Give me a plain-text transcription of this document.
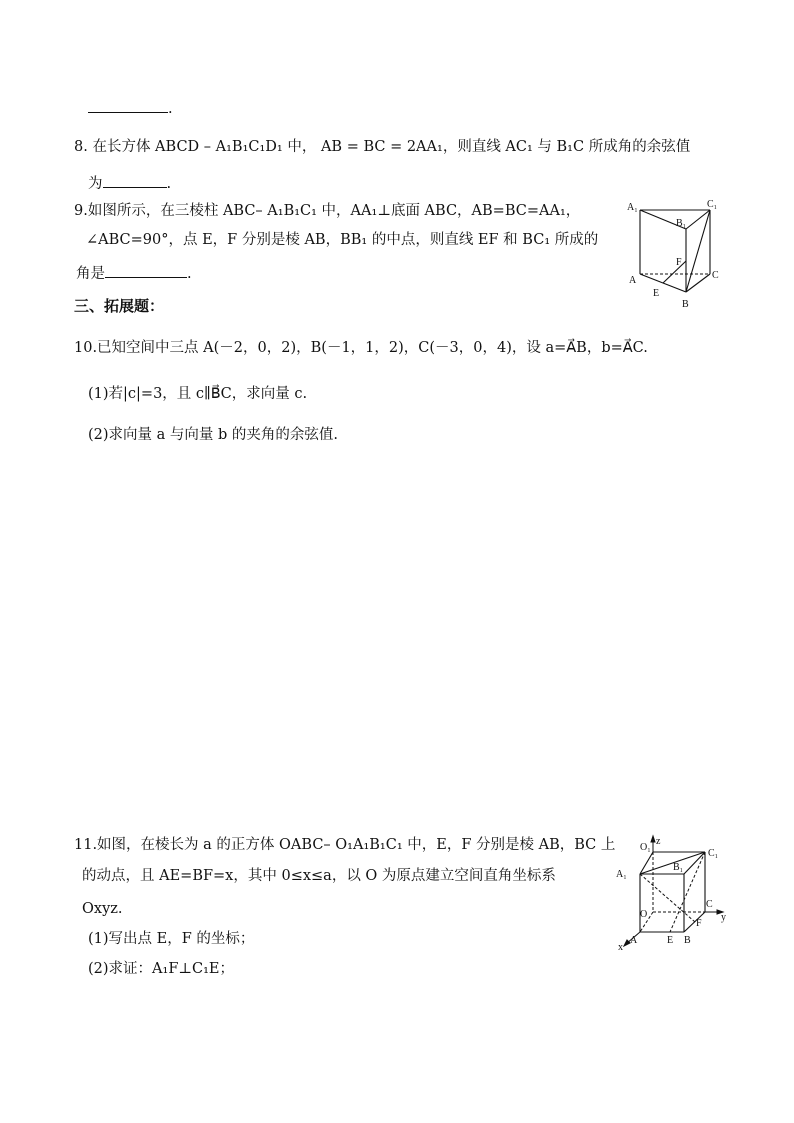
.
8. 在长方体 ABCD – A₁B₁C₁D₁ 中， AB = BC = 2AA₁，则直线 AC₁ 与 B₁C 所成角的余弦值
为	.
9.如图所示，在三棱柱 ABC– A₁B₁C₁ 中，AA₁⊥底面 ABC，AB=BC=AA₁，
∠ABC=90°，点 E，F 分别是棱 AB，BB₁ 的中点，则直线 EF 和 BC₁ 所成的
角是	.
A₁	C₁
B₁
A	C
B
E
F
三、拓展题：
10.已知空间中三点 A(－2，0，2)，B(－1，1，2)，C(－3，0，4)，设 a=A⃗B，b=A⃗C.
(1)若|c|=3，且 c∥B⃗C，求向量 c.
(2)求向量 a 与向量 b 的夹角的余弦值.
11.如图，在棱长为 a 的正方体 OABC– O₁A₁B₁C₁ 中，E，F 分别是棱 AB，BC 上
的动点，且 AE=BF=x，其中 0≤x≤a，以 O 为原点建立空间直角坐标系
Oxyz.
(1)写出点 E，F 的坐标；
(2)求证：A₁F⊥C₁E；
O₁
z
C₁
A₁
B₁
O
C
y
F
A	E B
x
